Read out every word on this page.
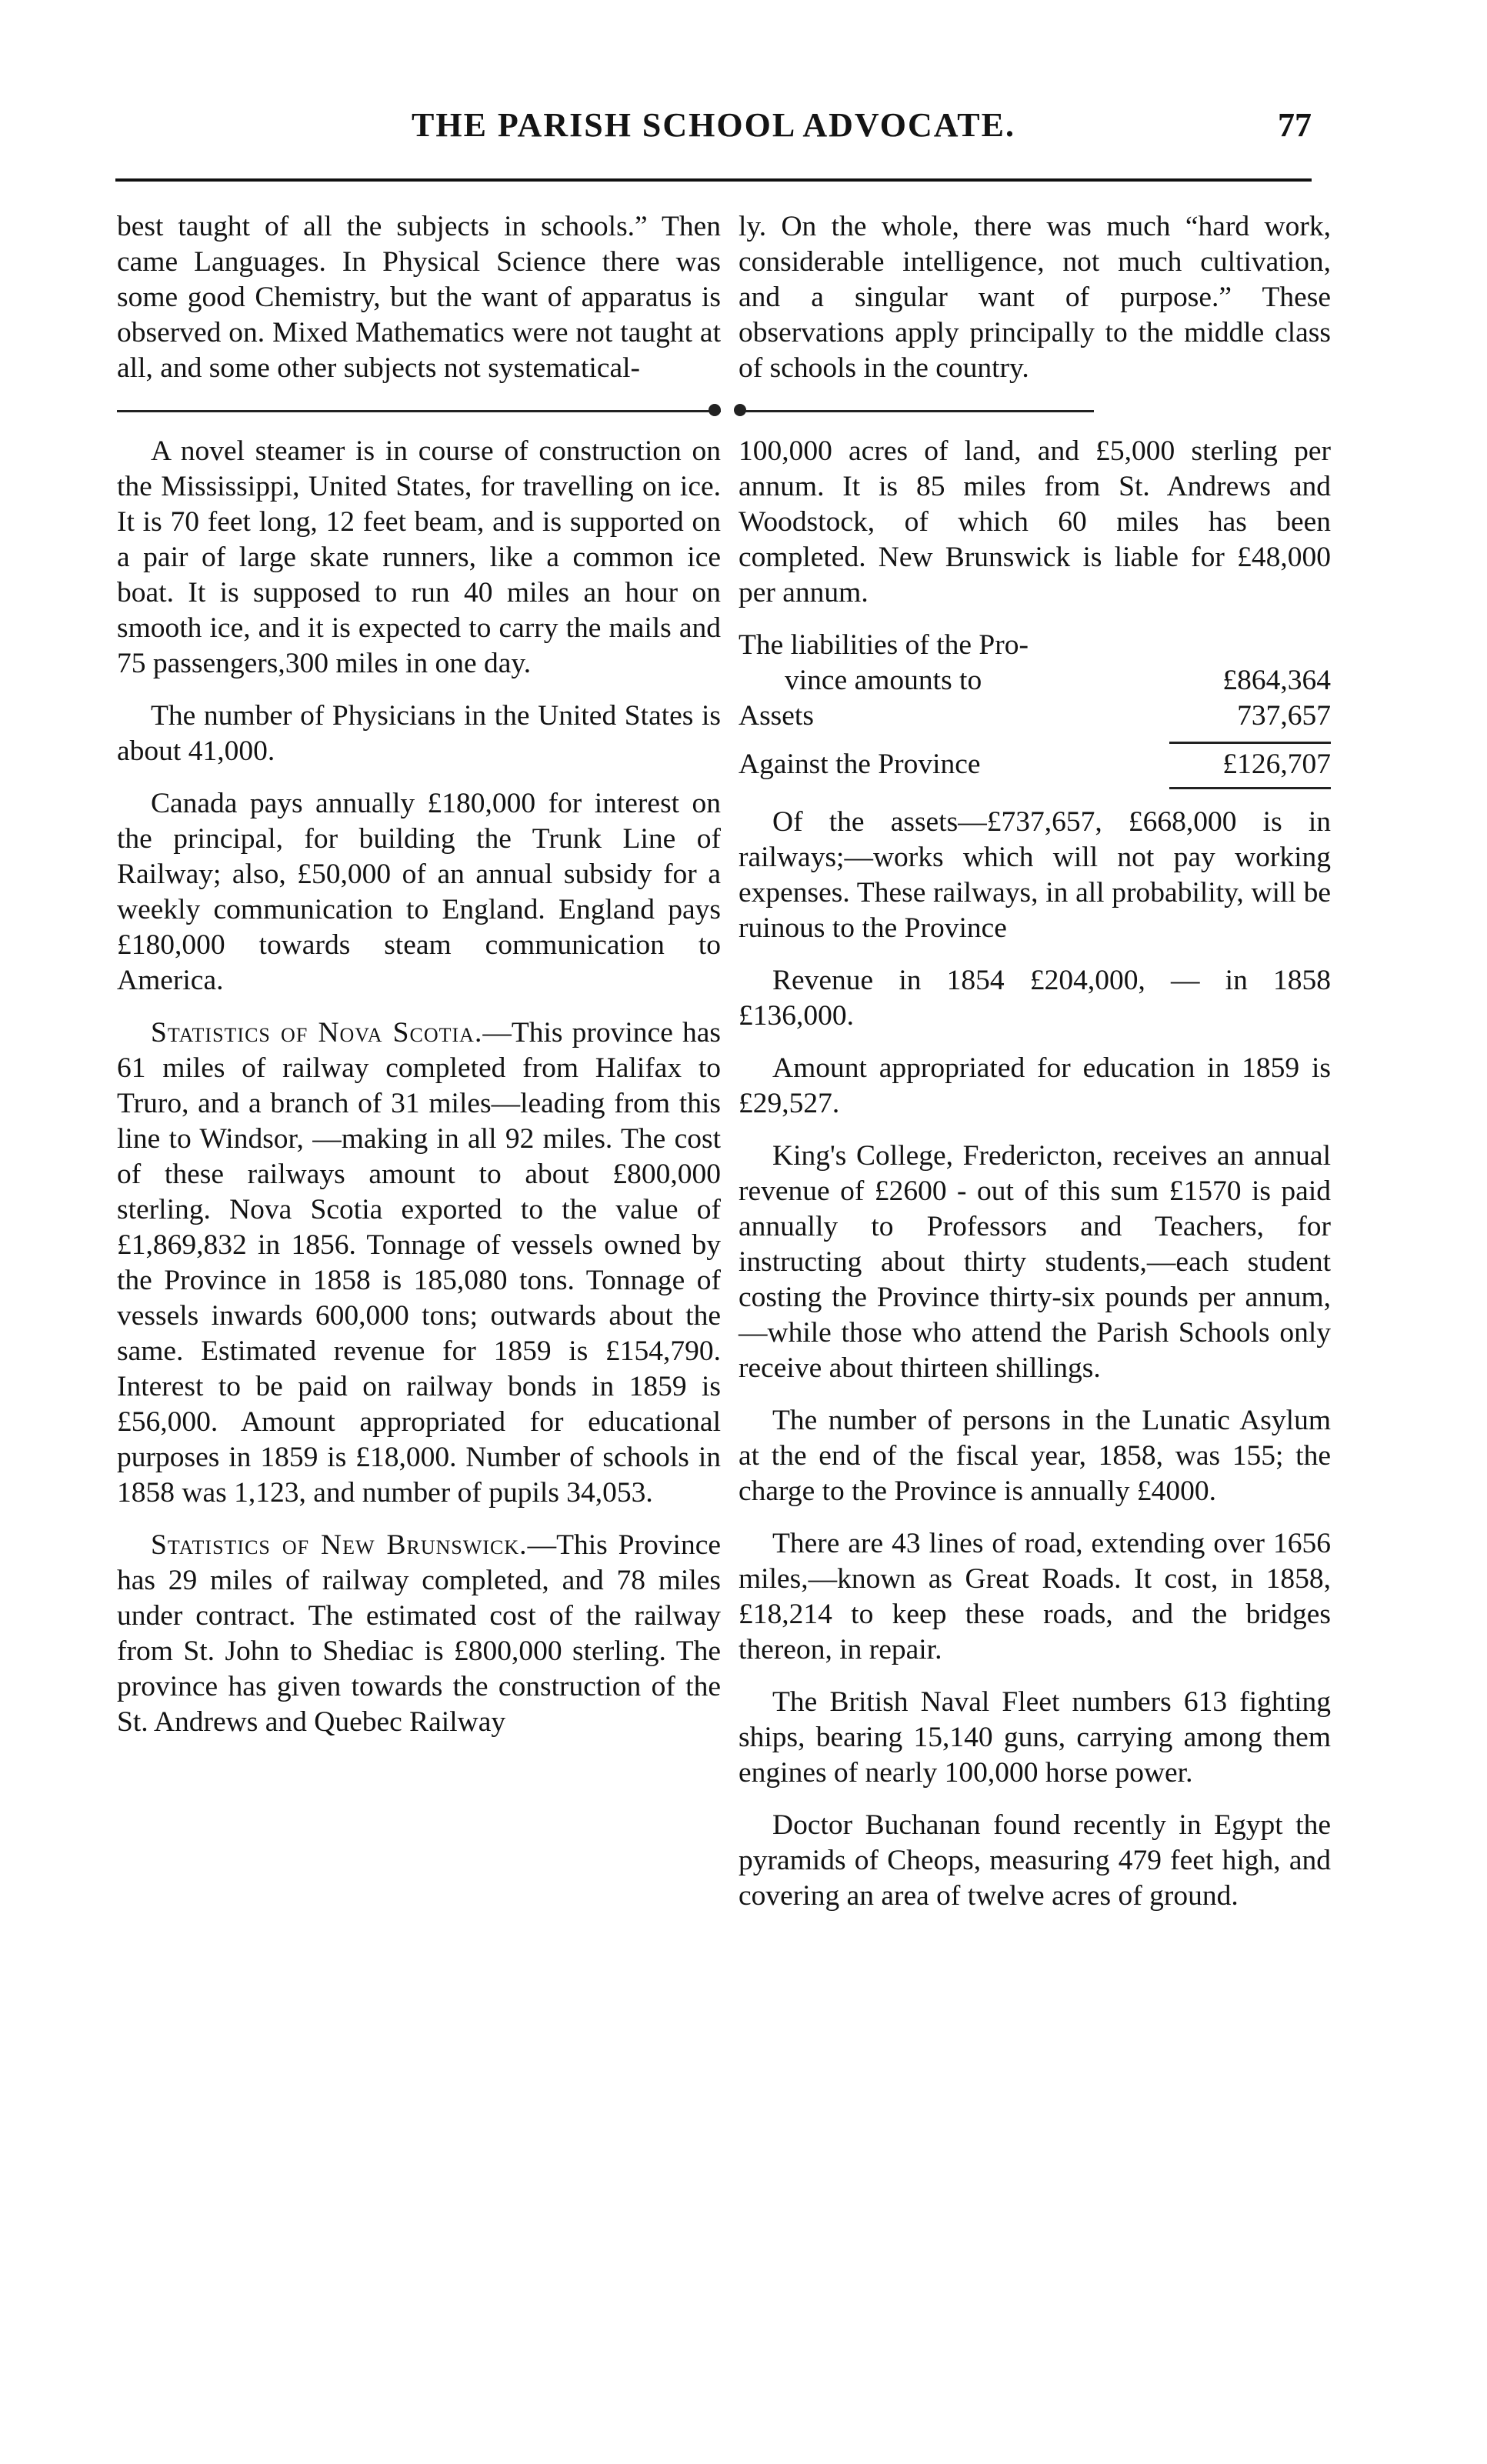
THE PARISH SCHOOL ADVOCATE.	77

best taught of all the subjects in schools.” Then came Languages. In Physical Science there was some good Chemistry, but the want of apparatus is observed on. Mixed Mathematics were not taught at all, and some other subjects not systematical-

A novel steamer is in course of construction on the Mississippi, United States, for travelling on ice. It is 70 feet long, 12 feet beam, and is supported on a pair of large skate runners, like a common ice boat. It is supposed to run 40 miles an hour on smooth ice, and it is expected to carry the mails and 75 passengers,300 miles in one day.

The number of Physicians in the United States is about 41,000.

Canada pays annually £180,000 for interest on the principal, for building the Trunk Line of Railway; also, £50,000 of an annual subsidy for a weekly communication to England. England pays £180,000 towards steam communication to America.

Statistics of Nova Scotia.—This province has 61 miles of railway completed from Halifax to Truro, and a branch of 31 miles—leading from this line to Windsor, —making in all 92 miles. The cost of these railways amount to about £800,000 sterling. Nova Scotia exported to the value of £1,869,832 in 1856. Tonnage of vessels owned by the Province in 1858 is 185,080 tons. Tonnage of vessels inwards 600,000 tons; outwards about the same. Estimated revenue for 1859 is £154,790. Interest to be paid on railway bonds in 1859 is £56,000. Amount appropriated for educational purposes in 1859 is £18,000. Number of schools in 1858 was 1,123, and number of pupils 34,053.

Statistics of New Brunswick.—This Province has 29 miles of railway completed, and 78 miles under contract. The estimated cost of the railway from St. John to Shediac is £800,000 sterling. The province has given towards the construction of the St. Andrews and Quebec Railway

ly. On the whole, there was much “hard work, considerable intelligence, not much cultivation, and a singular want of purpose.” These observations apply principally to the middle class of schools in the country.

100,000 acres of land, and £5,000 sterling per annum. It is 85 miles from St. Andrews and Woodstock, of which 60 miles has been completed. New Brunswick is liable for £48,000 per annum.

The liabilities of the Pro-
vince amounts to	£864,364
Assets	737,657
Against the Province	£126,707

Of the assets—£737,657, £668,000 is in railways;—works which will not pay working expenses. These railways, in all probability, will be ruinous to the Province

Revenue in 1854 £204,000, — in 1858 £136,000.

Amount appropriated for education in 1859 is £29,527.

King's College, Fredericton, receives an annual revenue of £2600 - out of this sum £1570 is paid annually to Professors and Teachers, for instructing about thirty students,—each student costing the Province thirty-six pounds per annum,—while those who attend the Parish Schools only receive about thirteen shillings.

The number of persons in the Lunatic Asylum at the end of the fiscal year, 1858, was 155; the charge to the Province is annually £4000.

There are 43 lines of road, extending over 1656 miles,—known as Great Roads. It cost, in 1858, £18,214 to keep these roads, and the bridges thereon, in repair.

The British Naval Fleet numbers 613 fighting ships, bearing 15,140 guns, carrying among them engines of nearly 100,000 horse power.

Doctor Buchanan found recently in Egypt the pyramids of Cheops, measuring 479 feet high, and covering an area of twelve acres of ground.
